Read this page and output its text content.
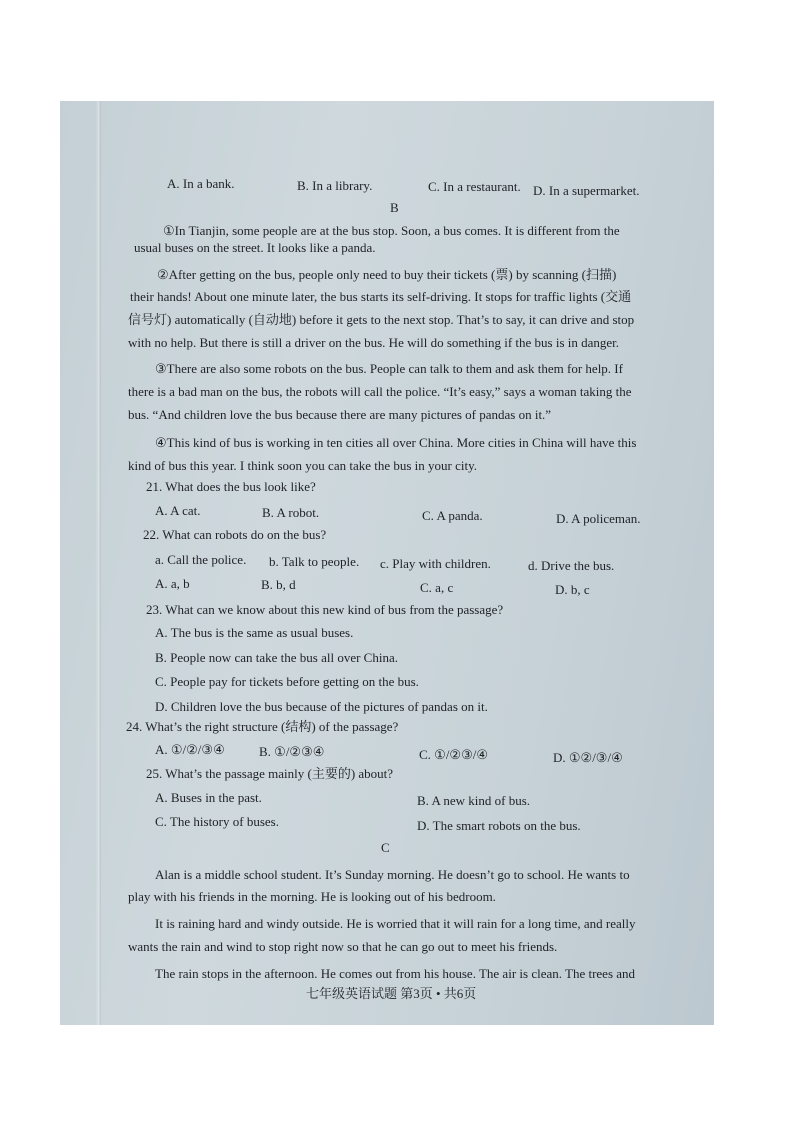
A. In a bank.	B. In a library.	C. In a restaurant. D. In a supermarket.
B
①In Tianjin, some people are at the bus stop. Soon, a bus comes. It is different from the
usual buses on the street. It looks like a panda.
②After getting on the bus, people only need to buy their tickets (票) by scanning (扫描)
their hands! About one minute later, the bus starts its self-driving. It stops for traffic lights (交通
信号灯) automatically (自动地) before it gets to the next stop. That’s to say, it can drive and stop
with no help. But there is still a driver on the bus. He will do something if the bus is in danger.
③There are also some robots on the bus. People can talk to them and ask them for help. If
there is a bad man on the bus, the robots will call the police. “It’s easy,” says a woman taking the
bus. “And children love the bus because there are many pictures of pandas on it.”
④This kind of bus is working in ten cities all over China. More cities in China will have this
kind of bus this year. I think soon you can take the bus in your city.
21. What does the bus look like?
A. A cat.	B. A robot.	C. A panda.	D. A policeman.
22. What can robots do on the bus?
a. Call the police. b. Talk to people. c. Play with children.	d. Drive the bus.
A. a, b	B. b, d	C. a, c	D. b, c
23. What can we know about this new kind of bus from the passage?
A. The bus is the same as usual buses.
B. People now can take the bus all over China.
C. People pay for tickets before getting on the bus.
D. Children love the bus because of the pictures of pandas on it.
24. What’s the right structure (结构) of the passage?
A. ①/②/③④	B. ①/②③④	C. ①/②③/④	D. ①②/③/④
25. What’s the passage mainly (主要的) about?
A. Buses in the past.	B. A new kind of bus.
C. The history of buses.	D. The smart robots on the bus.
C
Alan is a middle school student. It’s Sunday morning. He doesn’t go to school. He wants to
play with his friends in the morning. He is looking out of his bedroom.
It is raining hard and windy outside. He is worried that it will rain for a long time, and really
wants the rain and wind to stop right now so that he can go out to meet his friends.
The rain stops in the afternoon. He comes out from his house. The air is clean. The trees and
七年级英语试题 第3页 • 共6页
